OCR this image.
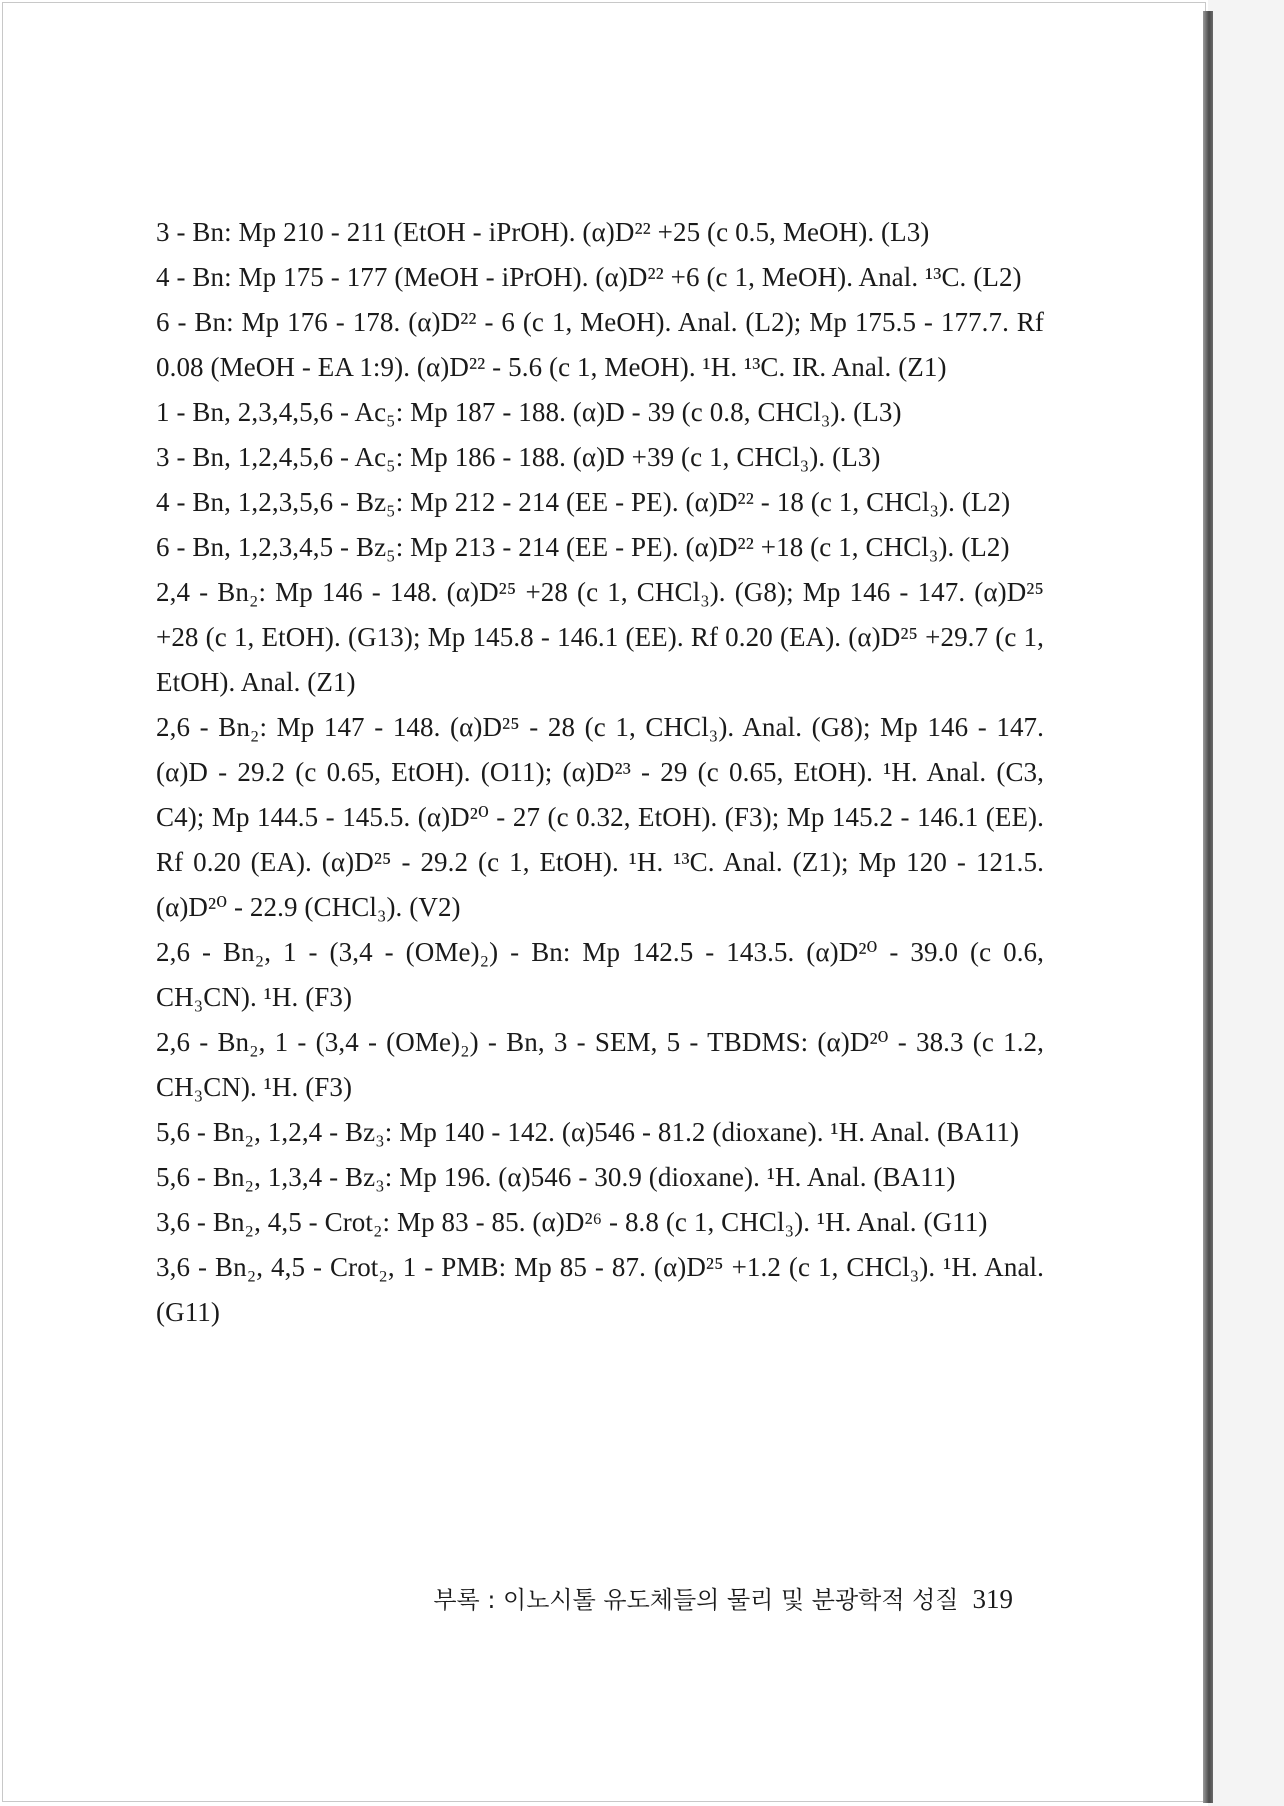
3 - Bn: Mp 210 - 211 (EtOH - iPrOH). (α)D²² +25 (c 0.5, MeOH). (L3)

4 - Bn: Mp 175 - 177 (MeOH - iPrOH). (α)D²² +6 (c 1, MeOH). Anal. ¹³C. (L2)

6 - Bn: Mp 176 - 178. (α)D²² - 6 (c 1, MeOH). Anal. (L2); Mp 175.5 - 177.7. Rf 0.08 (MeOH - EA 1:9). (α)D²² - 5.6 (c 1, MeOH). ¹H. ¹³C. IR. Anal. (Z1)

1 - Bn, 2,3,4,5,6 - Ac₅: Mp 187 - 188. (α)D - 39 (c 0.8, CHCl₃). (L3)

3 - Bn, 1,2,4,5,6 - Ac₅: Mp 186 - 188. (α)D +39 (c 1, CHCl₃). (L3)

4 - Bn, 1,2,3,5,6 - Bz₅: Mp 212 - 214 (EE - PE). (α)D²² - 18 (c 1, CHCl₃). (L2)

6 - Bn, 1,2,3,4,5 - Bz₅: Mp 213 - 214 (EE - PE). (α)D²² +18 (c 1, CHCl₃). (L2)

2,4 - Bn₂: Mp 146 - 148. (α)D²⁵ +28 (c 1, CHCl₃). (G8); Mp 146 - 147. (α)D²⁵ +28 (c 1, EtOH). (G13); Mp 145.8 - 146.1 (EE). Rf 0.20 (EA). (α)D²⁵ +29.7 (c 1, EtOH). Anal. (Z1)

2,6 - Bn₂: Mp 147 - 148. (α)D²⁵ - 28 (c 1, CHCl₃). Anal. (G8); Mp 146 - 147. (α)D - 29.2 (c 0.65, EtOH). (O11); (α)D²³ - 29 (c 0.65, EtOH). ¹H. Anal. (C3, C4); Mp 144.5 - 145.5. (α)D²⁰ - 27 (c 0.32, EtOH). (F3); Mp 145.2 - 146.1 (EE). Rf 0.20 (EA). (α)D²⁵ - 29.2 (c 1, EtOH). ¹H. ¹³C. Anal. (Z1); Mp 120 - 121.5. (α)D²⁰ - 22.9 (CHCl₃). (V2)

2,6 - Bn₂, 1 - (3,4 - (OMe)₂) - Bn: Mp 142.5 - 143.5. (α)D²⁰ - 39.0 (c 0.6, CH₃CN). ¹H. (F3)

2,6 - Bn₂, 1 - (3,4 - (OMe)₂) - Bn, 3 - SEM, 5 - TBDMS: (α)D²⁰ - 38.3 (c 1.2, CH₃CN). ¹H. (F3)

5,6 - Bn₂, 1,2,4 - Bz₃: Mp 140 - 142. (α)546 - 81.2 (dioxane). ¹H. Anal. (BA11)

5,6 - Bn₂, 1,3,4 - Bz₃: Mp 196. (α)546 - 30.9 (dioxane). ¹H. Anal. (BA11)

3,6 - Bn₂, 4,5 - Crot₂: Mp 83 - 85. (α)D²⁶ - 8.8 (c 1, CHCl₃). ¹H. Anal. (G11)

3,6 - Bn₂, 4,5 - Crot₂, 1 - PMB: Mp 85 - 87. (α)D²⁵ +1.2 (c 1, CHCl₃). ¹H. Anal. (G11)

부록 : 이노시톨 유도체들의 물리 및 분광학적 성질 319
